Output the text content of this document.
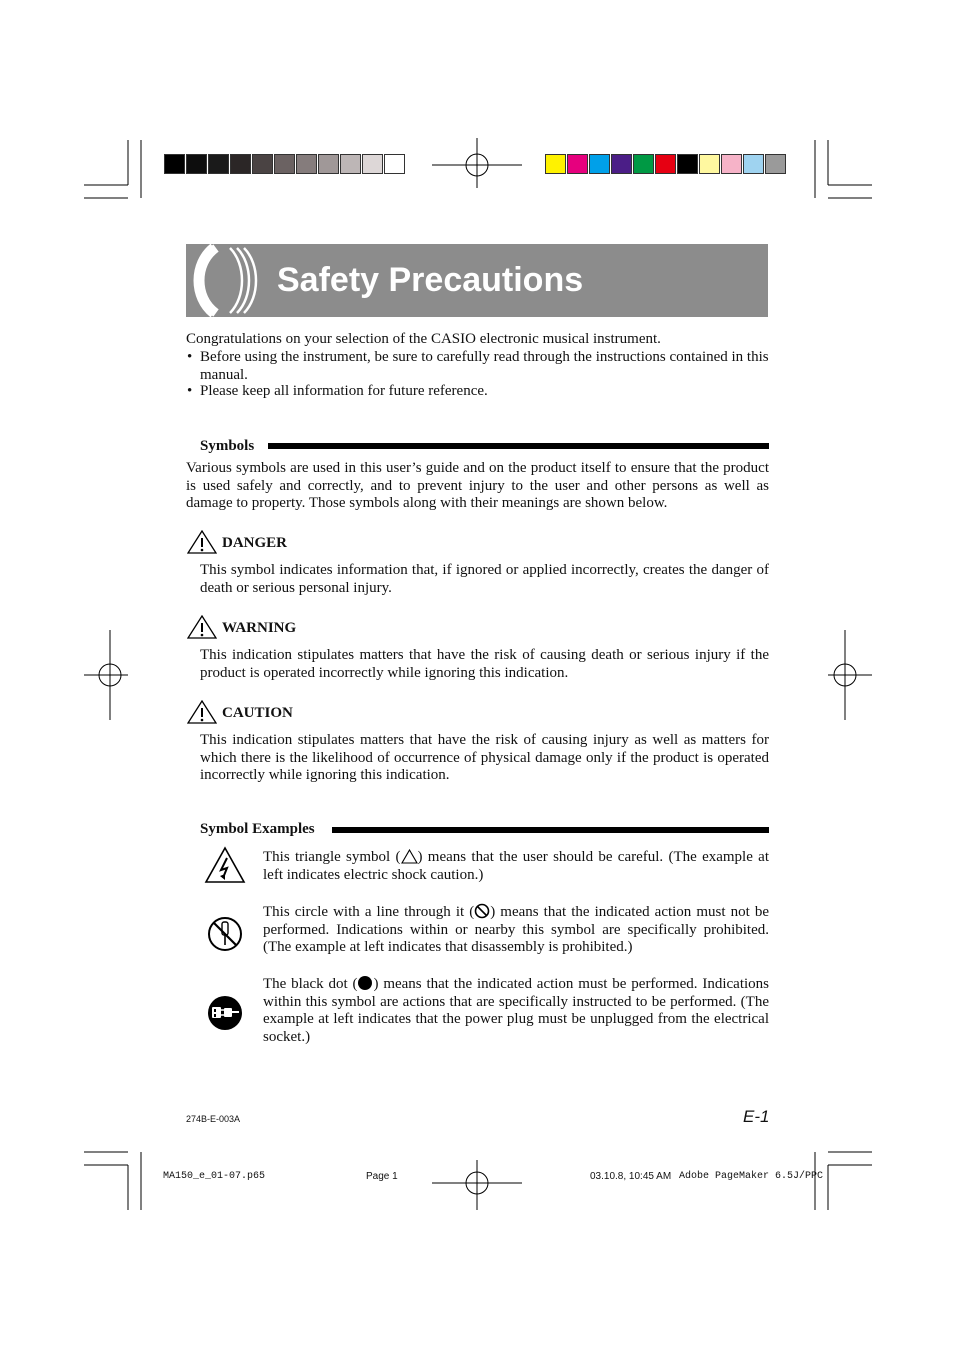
Safety Precautions
Congratulations on your selection of the CASIO electronic musical instrument.
• Before using the instrument, be sure to carefully read through the instructions contained in this manual.
• Please keep all information for future reference.
Symbols
Various symbols are used in this user’s guide and on the product itself to ensure that the product is used safely and correctly, and to prevent injury to the user and other persons as well as damage to property. Those symbols along with their meanings are shown below.
DANGER
This symbol indicates information that, if ignored or applied incorrectly, creates the danger of death or serious personal injury.
WARNING
This indication stipulates matters that have the risk of causing death or serious injury if the product is operated incorrectly while ignoring this indication.
CAUTION
This indication stipulates matters that have the risk of causing injury as well as matters for which there is the likelihood of occurrence of physical damage only if the product is operated incorrectly while ignoring this indication.
Symbol Examples
This triangle symbol ( ) means that the user should be careful. (The example at left indicates electric shock caution.)
This circle with a line through it ( ) means that the indicated action must not be performed. Indications within or nearby this symbol are specifically prohibited. (The example at left indicates that disassembly is prohibited.)
The black dot ( ) means that the indicated action must be performed. Indications within this symbol are actions that are specifically instructed to be performed. (The example at left indicates that the power plug must be unplugged from the electrical socket.)
274B-E-003A	E-1
MA150_e_01-07.p65	Page 1	03.10.8, 10:45 AM Adobe PageMaker 6.5J/PPC
